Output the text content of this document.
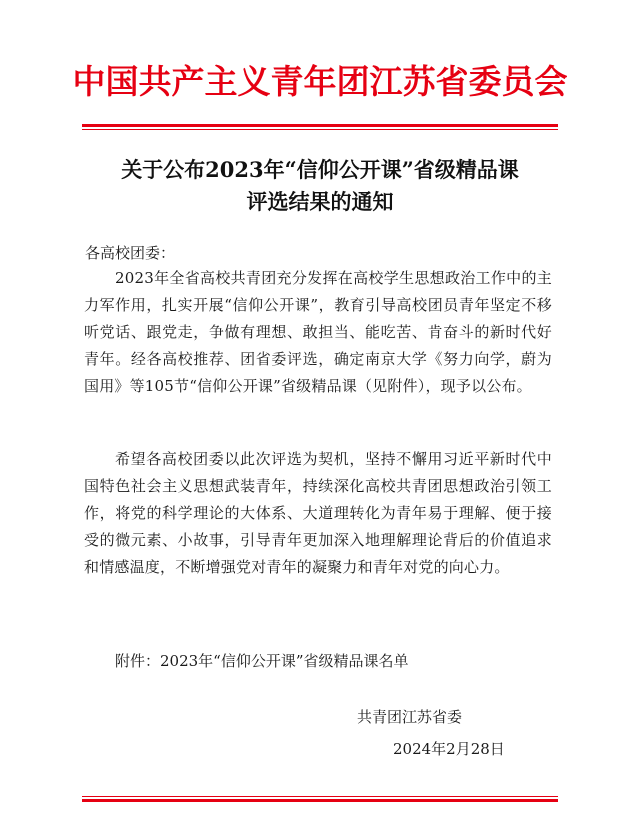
中国共产主义青年团江苏省委员会
关于公布2023年“信仰公开课”省级精品课
评选结果的通知
各高校团委：
2023年全省高校共青团充分发挥在高校学生思想政治工作中的主力军作用，扎实开展“信仰公开课”，教育引导高校团员青年坚定不移听党话、跟党走，争做有理想、敢担当、能吃苦、肯奋斗的新时代好青年。经各高校推荐、团省委评选，确定南京大学《努力向学，蔚为国用》等105节“信仰公开课”省级精品课（见附件），现予以公布。
希望各高校团委以此次评选为契机，坚持不懈用习近平新时代中国特色社会主义思想武装青年，持续深化高校共青团思想政治引领工作，将党的科学理论的大体系、大道理转化为青年易于理解、便于接受的微元素、小故事，引导青年更加深入地理解理论背后的价值追求和情感温度，不断增强党对青年的凝聚力和青年对党的向心力。
附件：2023年“信仰公开课”省级精品课名单
共青团江苏省委
2024年2月28日
